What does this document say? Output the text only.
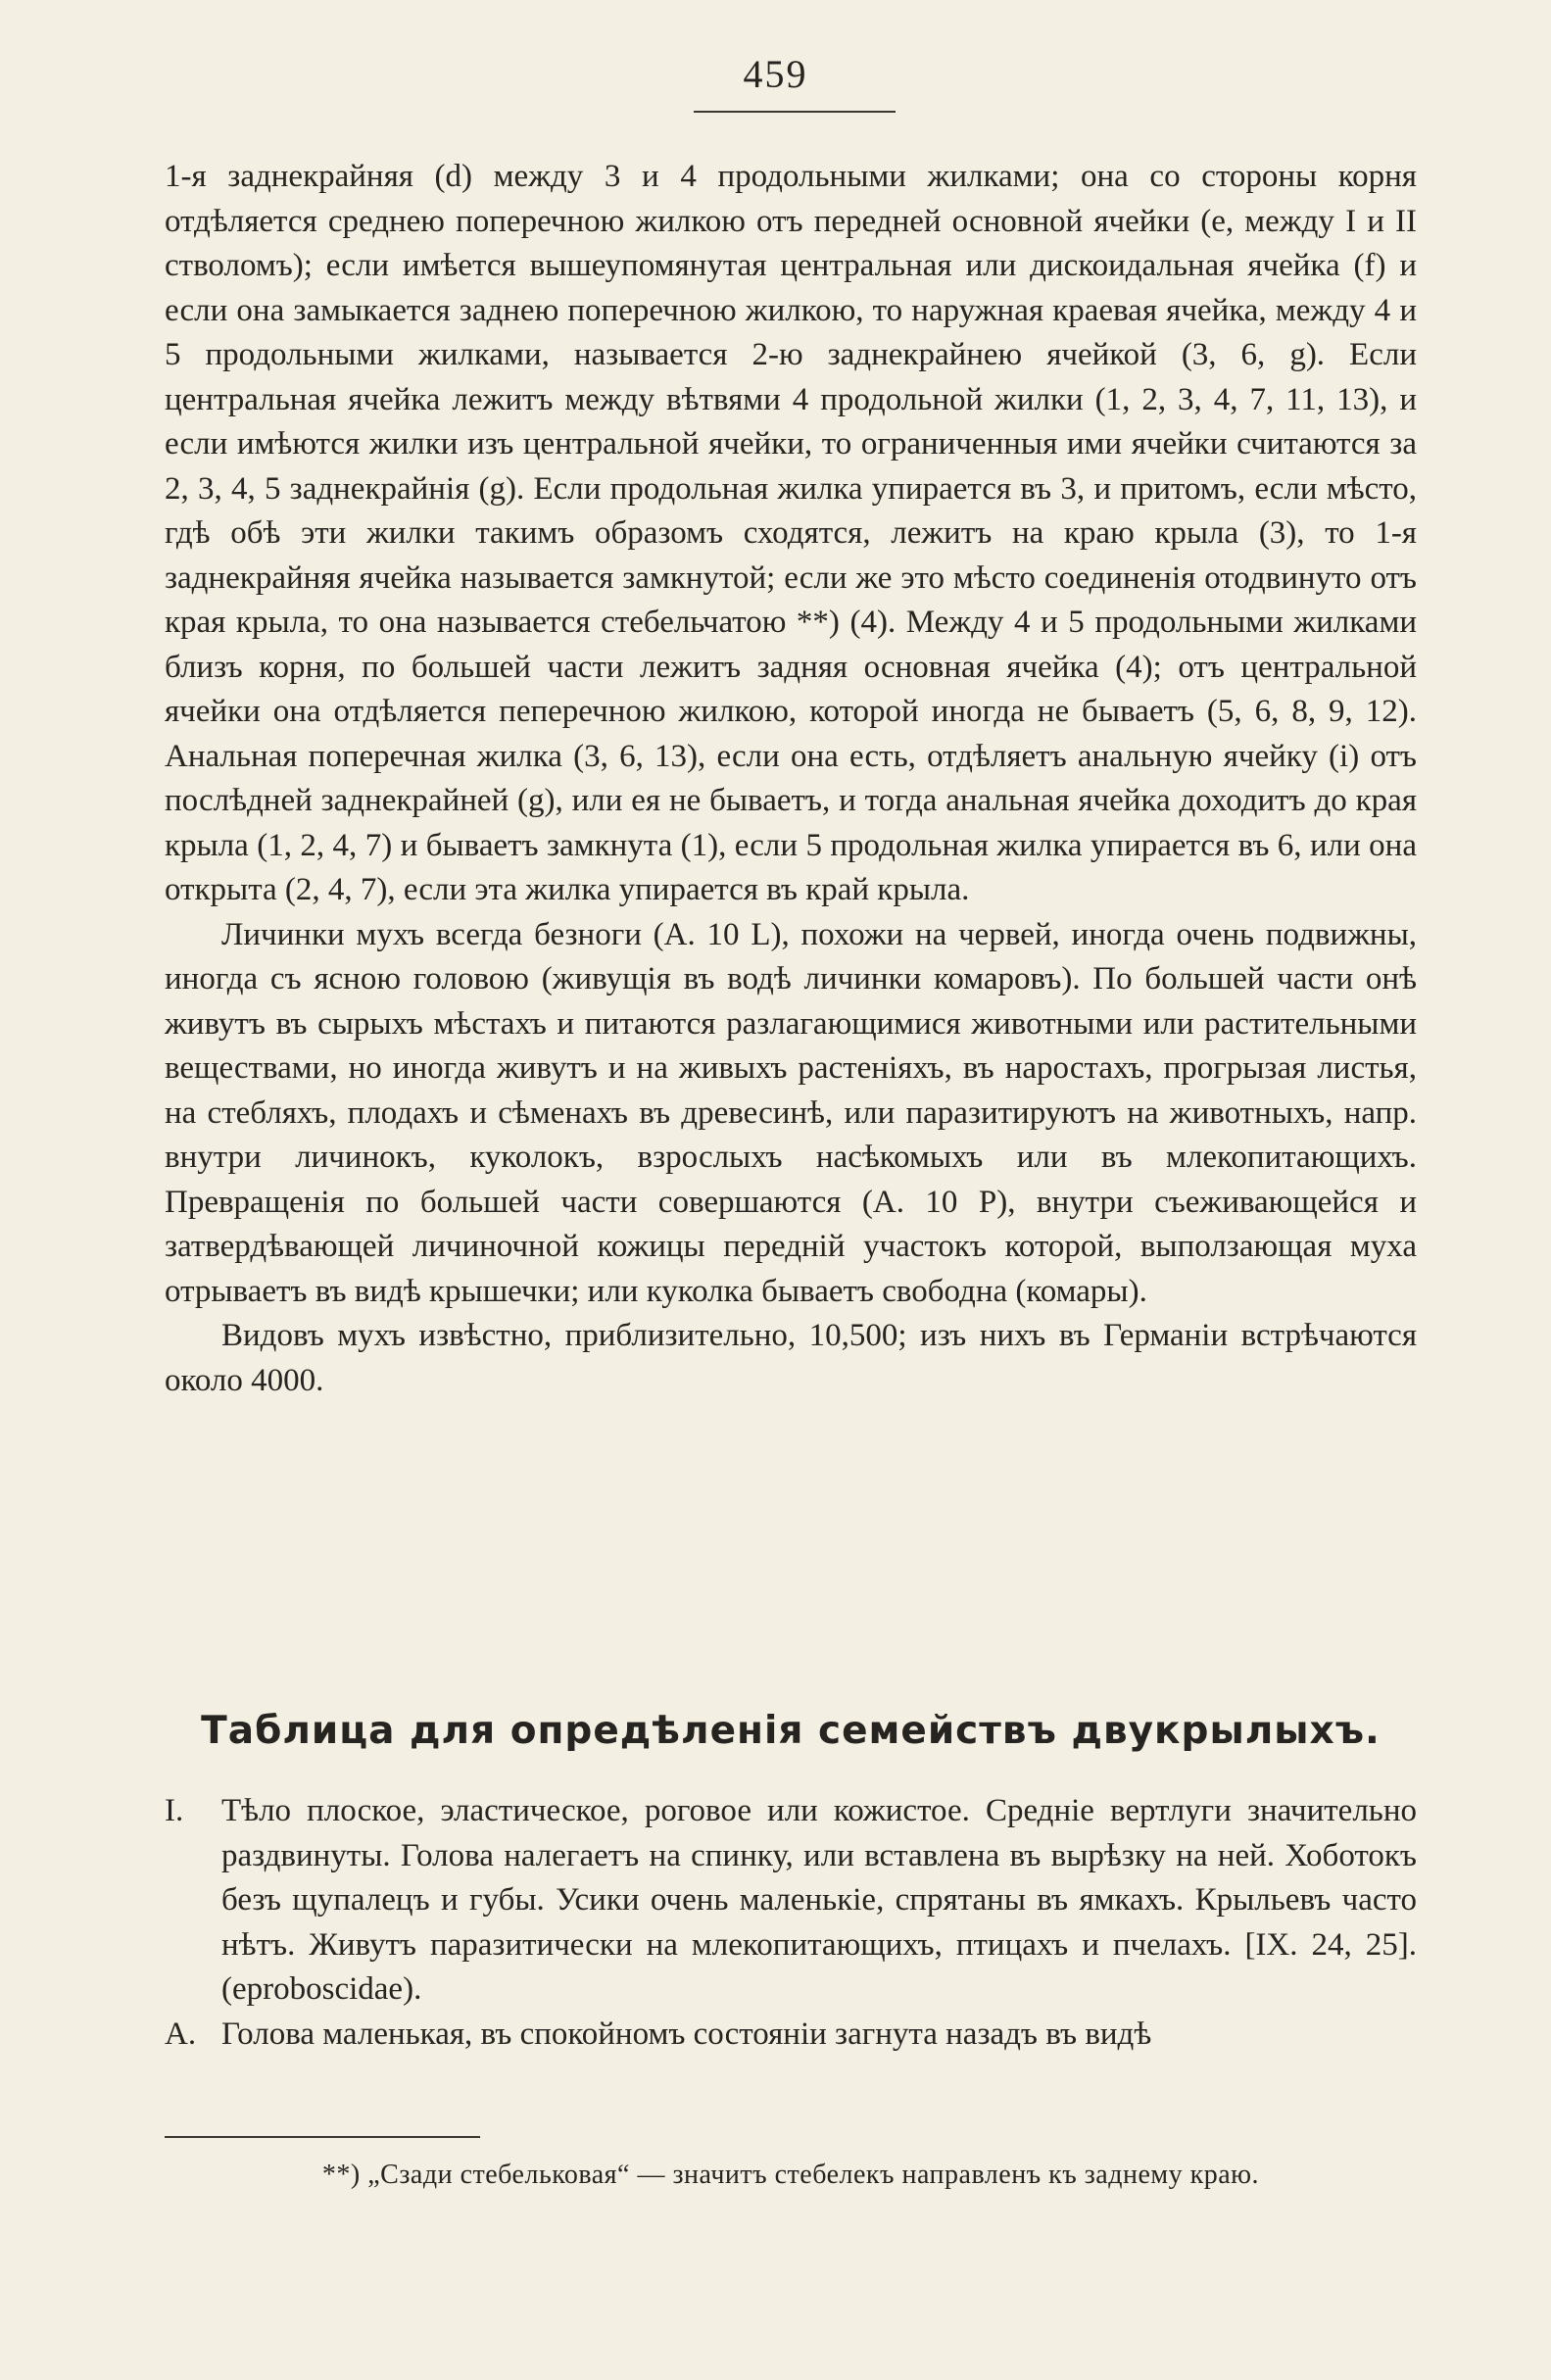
459

1-я заднекрайняя (d) между 3 и 4 продольными жилками; она со стороны корня отдѣляется среднею поперечною жилкою отъ передней основной ячейки (е, между I и II стволомъ); если имѣется вышеупомянутая центральная или дискоидальная ячейка (f) и если она замыкается заднею поперечною жилкою, то наружная краевая ячейка, между 4 и 5 продольными жилками, называется 2-ю заднекрайнею ячейкой (3, 6, g). Если центральная ячейка лежитъ между вѣтвями 4 продольной жилки (1, 2, 3, 4, 7, 11, 13), и если имѣются жилки изъ центральной ячейки, то ограниченныя ими ячейки считаются за 2, 3, 4, 5 заднекрайнія (g). Если продольная жилка упирается въ 3, и притомъ, если мѣсто, гдѣ обѣ эти жилки такимъ образомъ сходятся, лежитъ на краю крыла (3), то 1-я заднекрайняя ячейка называется замкнутой; если же это мѣсто соединенія отодвинуто отъ края крыла, то она называется стебельчатою **) (4). Между 4 и 5 продольными жилками близъ корня, по большей части лежитъ задняя основная ячейка (4); отъ центральной ячейки она отдѣляется пеперечною жилкою, которой иногда не бываетъ (5, 6, 8, 9, 12). Анальная поперечная жилка (3, 6, 13), если она есть, отдѣляетъ анальную ячейку (i) отъ послѣдней заднекрайней (g), или ея не бываетъ, и тогда анальная ячейка доходитъ до края крыла (1, 2, 4, 7) и бываетъ замкнута (1), если 5 продольная жилка упирается въ 6, или она открыта (2, 4, 7), если эта жилка упирается въ край крыла.

Личинки мухъ всегда безноги (А. 10 L), похожи на червей, иногда очень подвижны, иногда съ ясною головою (живущія въ водѣ личинки комаровъ). По большей части онѣ живутъ въ сырыхъ мѣстахъ и питаются разлагающимися животными или растительными веществами, но иногда живутъ и на живыхъ растеніяхъ, въ наростахъ, прогрызая листья, на стебляхъ, плодахъ и сѣменахъ въ древесинѣ, или паразитируютъ на животныхъ, напр. внутри личинокъ, куколокъ, взрослыхъ насѣкомыхъ или въ млекопитающихъ. Превращенія по большей части совершаются (А. 10 Р), внутри съеживающейся и затвердѣвающей личиночной кожицы передній участокъ которой, выползающая муха отрываетъ въ видѣ крышечки; или куколка бываетъ свободна (комары).

Видовъ мухъ извѣстно, приблизительно, 10,500; изъ нихъ въ Германіи встрѣчаются около 4000.

Таблица для опредѣленія семействъ двукрылыхъ.
I.	Тѣло плоское, эластическое, роговое или кожистое. Средніе вертлуги значительно раздвинуты. Голова налегаетъ на спинку, или вставлена въ вырѣзку на ней. Хоботокъ безъ щупалецъ и губы. Усики очень маленькіе, спрятаны въ ямкахъ. Крыльевъ часто нѣтъ. Живутъ паразитически на млекопитающихъ, птицахъ и пчелахъ. [IX. 24, 25]. (eproboscidae).

А. Голова маленькая, въ спокойномъ состояніи загнута назадъ въ видѣ

**) „Сзади стебельковая“ — значитъ стебелекъ направленъ къ заднему краю.
